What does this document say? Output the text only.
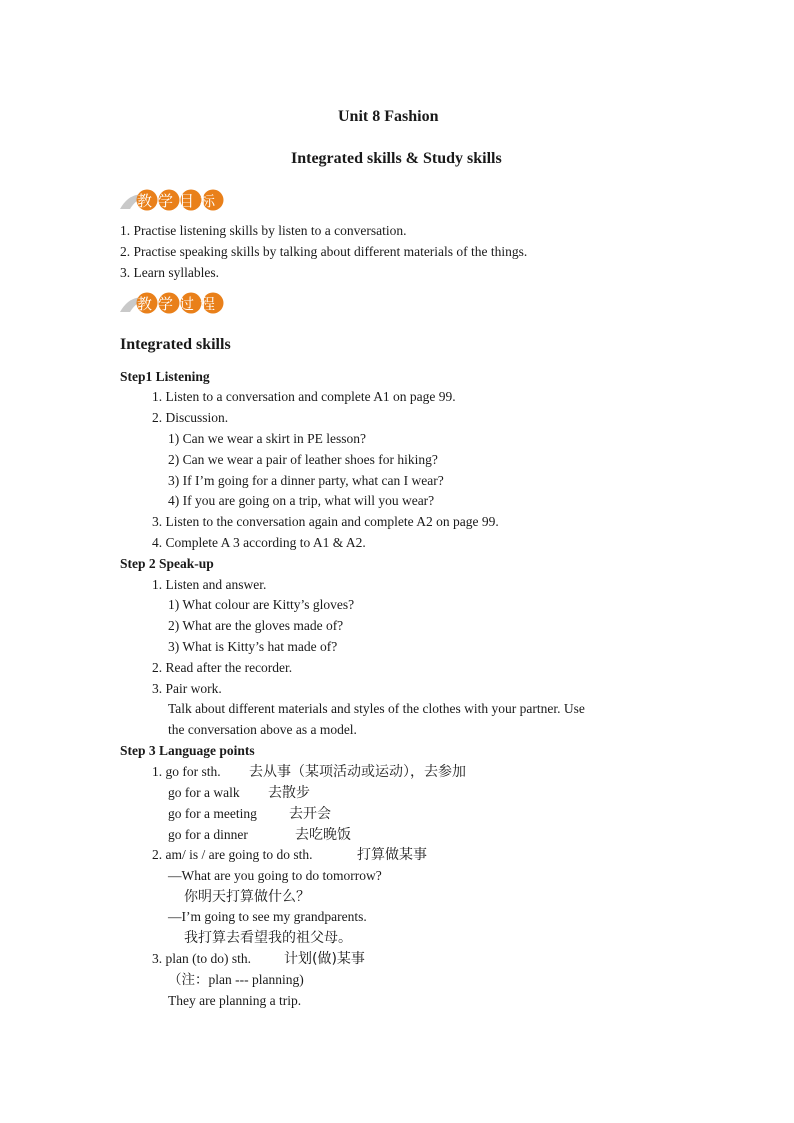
Unit 8 Fashion
Integrated skills & Study skills
教学目标
1. Practise listening skills by listen to a conversation.
2. Practise speaking skills by talking about different materials of the things.
3. Learn syllables.
教学过程
Integrated skills
Step1 Listening
1. Listen to a conversation and complete A1 on page 99.
2. Discussion.
1) Can we wear a skirt in PE lesson?
2) Can we wear a pair of leather shoes for hiking?
3) If I’m going for a dinner party, what can I wear?
4) If you are going on a trip, what will you wear?
3. Listen to the conversation again and complete A2 on page 99.
4. Complete A 3 according to A1 & A2.
Step 2 Speak-up
1. Listen and answer.
1) What colour are Kitty’s gloves?
2) What are the gloves made of?
3) What is Kitty’s hat made of?
2. Read after the recorder.
3. Pair work.
Talk about different materials and styles of the clothes with your partner. Use
the conversation above as a model.
Step 3 Language points
1. go for sth. 去从事（某项活动或运动），去参加
go for a walk 去散步
go for a meeting 去开会
go for a dinner	去吃晚饭
2. am/ is / are going to do sth.	打算做某事
—What are you going to do tomorrow?
你明天打算做什么？
—I’m going to see my grandparents.
我打算去看望我的祖父母。
3. plan (to do) sth. 计划(做)某事
（注：plan --- planning)
They are planning a trip.
